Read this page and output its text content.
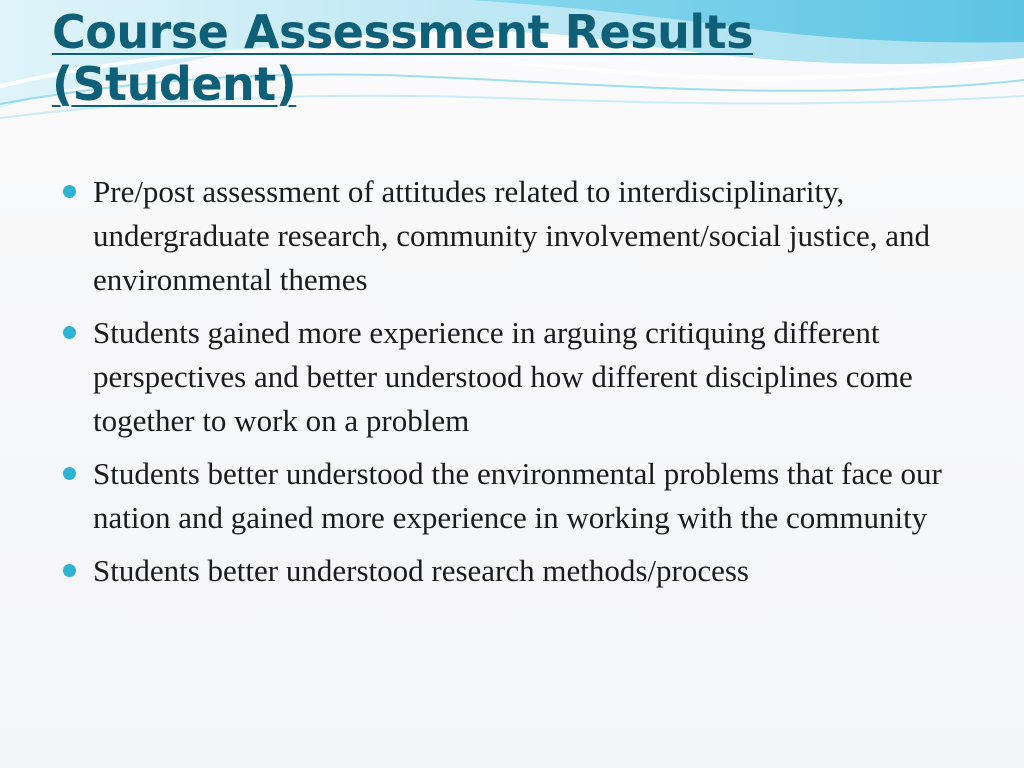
Course Assessment Results
(Student)
Pre/post assessment of attitudes related to interdisciplinarity, undergraduate research, community involvement/social justice, and environmental themes
Students gained more experience in arguing critiquing different perspectives and better understood how different disciplines come together to work on a problem
Students better understood the environmental problems that face our nation and gained more experience in working with the community
Students better understood research methods/process
